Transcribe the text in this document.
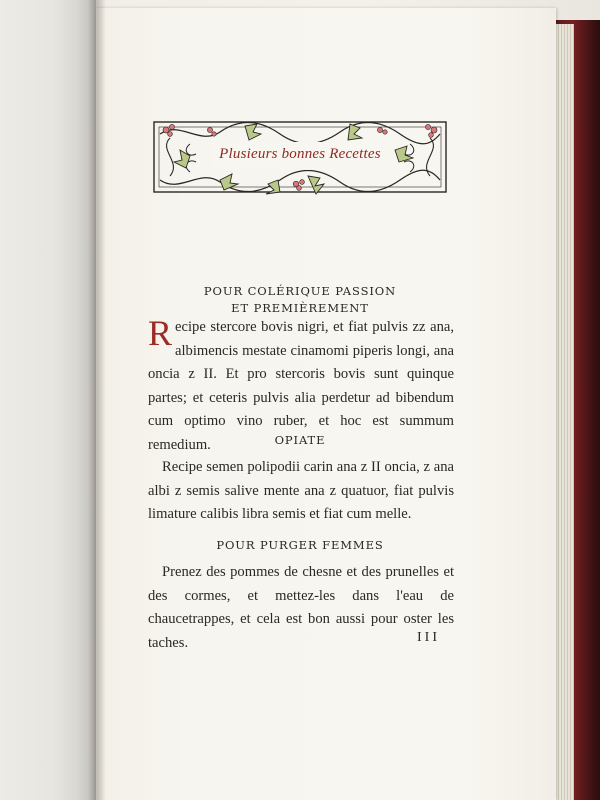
Plusieurs bonnes Recettes
POUR COLÉRIQUE PASSION
ET PREMIÈREMENT

Recipe stercore bovis nigri, et fiat pulvis zz ana, albimencis mestate cinamomi piperis longi, ana oncia z II. Et pro stercoris bovis sunt quinque partes; et ceteris pulvis alia perdetur ad bibendum cum optimo vino ruber, et hoc est summum remedium.	OPIATE

Recipe semen polipodii carin ana z II oncia, z ana albi z semis salive mente ana z quatuor, fiat pulvis limature calibis libra semis et fiat cum melle.

POUR PURGER FEMMES

Prenez des pommes de chesne et des prunelles et des cormes, et mettez-les dans l'eau de chaucetrappes, et cela est bon aussi pour oster les taches.	III
